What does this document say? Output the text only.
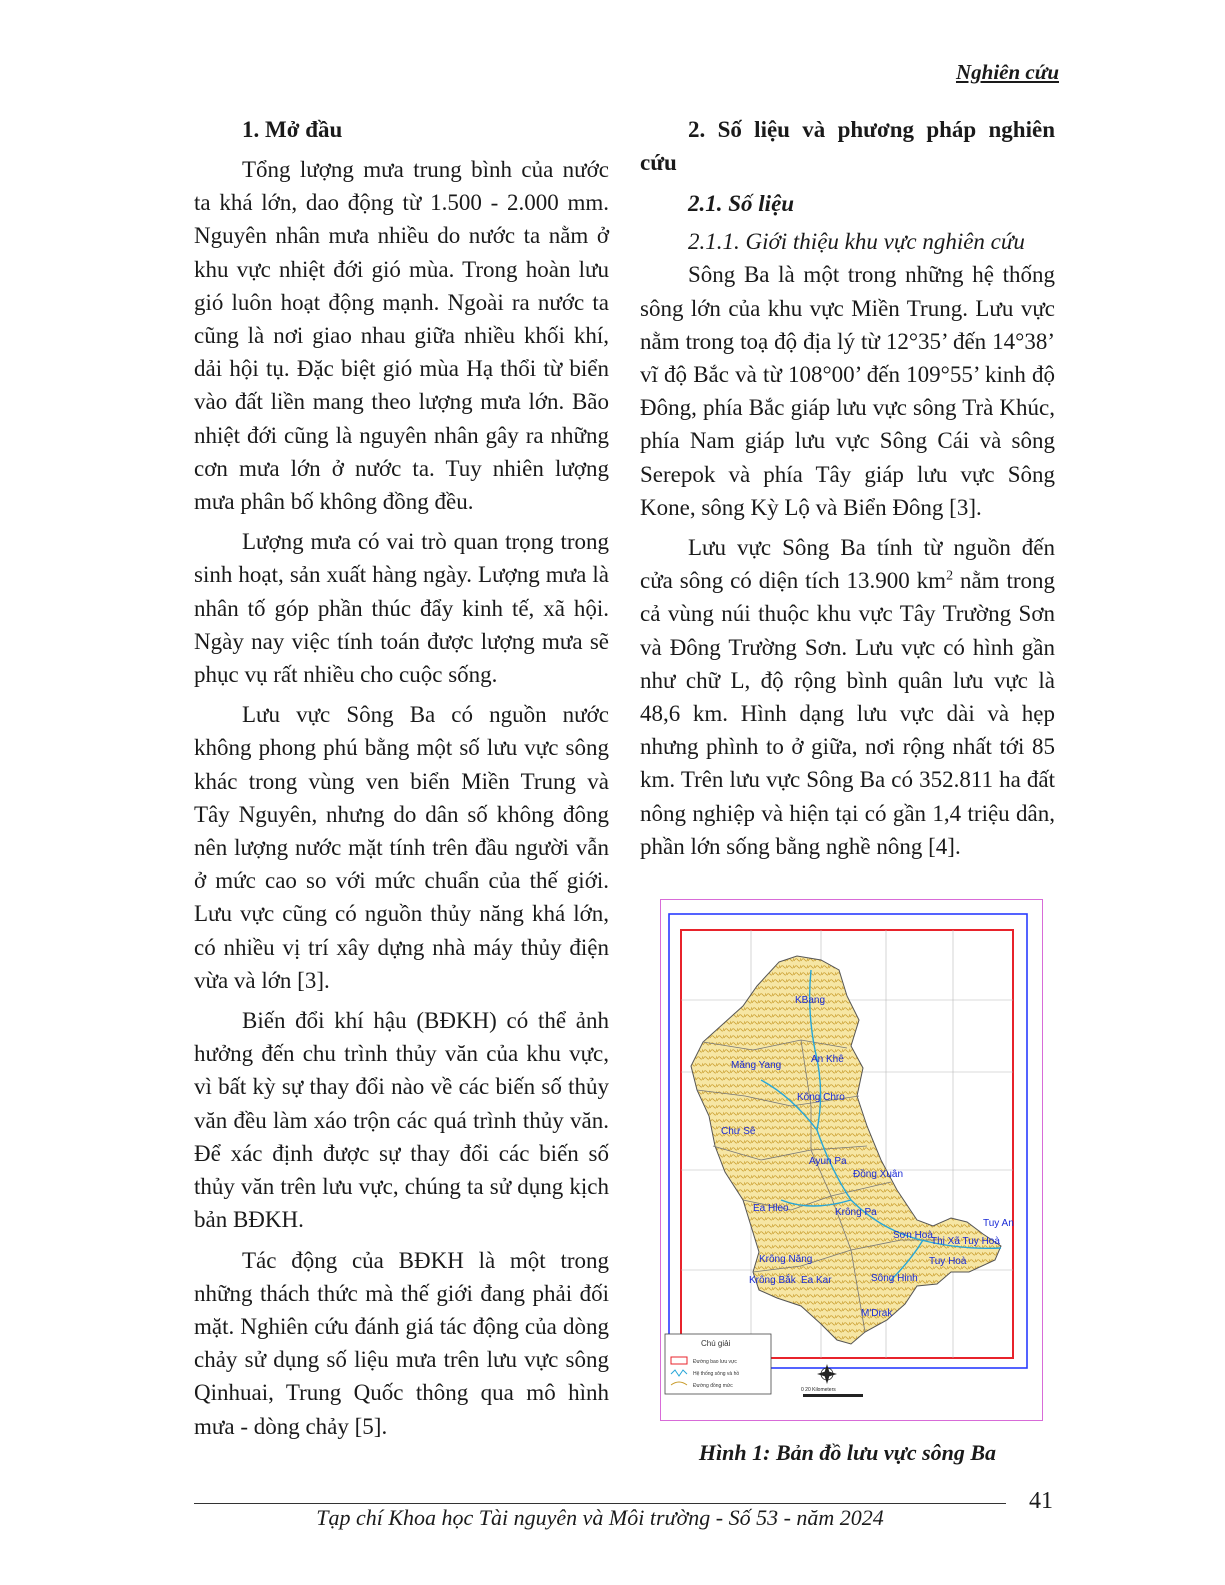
Nghiên cứu
1. Mở đầu

Tổng lượng mưa trung bình của nước ta khá lớn, dao động từ 1.500 - 2.000 mm. Nguyên nhân mưa nhiều do nước ta nằm ở khu vực nhiệt đới gió mùa. Trong hoàn lưu gió luôn hoạt động mạnh. Ngoài ra nước ta cũng là nơi giao nhau giữa nhiều khối khí, dải hội tụ. Đặc biệt gió mùa Hạ thổi từ biển vào đất liền mang theo lượng mưa lớn. Bão nhiệt đới cũng là nguyên nhân gây ra những cơn mưa lớn ở nước ta. Tuy nhiên lượng mưa phân bố không đồng đều.

Lượng mưa có vai trò quan trọng trong sinh hoạt, sản xuất hàng ngày. Lượng mưa là nhân tố góp phần thúc đẩy kinh tế, xã hội. Ngày nay việc tính toán được lượng mưa sẽ phục vụ rất nhiều cho cuộc sống.

Lưu vực Sông Ba có nguồn nước không phong phú bằng một số lưu vực sông khác trong vùng ven biển Miền Trung và Tây Nguyên, nhưng do dân số không đông nên lượng nước mặt tính trên đầu người vẫn ở mức cao so với mức chuẩn của thế giới. Lưu vực cũng có nguồn thủy năng khá lớn, có nhiều vị trí xây dựng nhà máy thủy điện vừa và lớn [3].

Biến đổi khí hậu (BĐKH) có thể ảnh hưởng đến chu trình thủy văn của khu vực, vì bất kỳ sự thay đổi nào về các biến số thủy văn đều làm xáo trộn các quá trình thủy văn. Để xác định được sự thay đổi các biến số thủy văn trên lưu vực, chúng ta sử dụng kịch bản BĐKH.

Tác động của BĐKH là một trong những thách thức mà thế giới đang phải đối mặt. Nghiên cứu đánh giá tác động của dòng chảy sử dụng số liệu mưa trên lưu vực sông Qinhuai, Trung Quốc thông qua mô hình mưa - dòng chảy [5].

2. Số liệu và phương pháp nghiên cứu
2.1. Số liệu
2.1.1. Giới thiệu khu vực nghiên cứu

Sông Ba là một trong những hệ thống sông lớn của khu vực Miền Trung. Lưu vực nằm trong toạ độ địa lý từ 12°35’ đến 14°38’ vĩ độ Bắc và từ 108°00’ đến 109°55’ kinh độ Đông, phía Bắc giáp lưu vực sông Trà Khúc, phía Nam giáp lưu vực Sông Cái và sông Serepok và phía Tây giáp lưu vực Sông Kone, sông Kỳ Lộ và Biển Đông [3].

Lưu vực Sông Ba tính từ nguồn đến cửa sông có diện tích 13.900 $km^2$ nằm trong cả vùng núi thuộc khu vực Tây Trường Sơn và Đông Trường Sơn. Lưu vực có hình gần như chữ L, độ rộng bình quân lưu vực là 48,6 km. Hình dạng lưu vực dài và hẹp nhưng phình to ở giữa, nơi rộng nhất tới 85 km. Trên lưu vực Sông Ba có 352.811 ha đất nông nghiệp và hiện tại có gần 1,4 triệu dân, phần lớn sống bằng nghề nông [4].

KBang
Măng Yang
An Khê
Kông Chro
Chư Sê
Ayun Pa
Đồng Xuân
Ea Hleo	Krông Pa
Sơn Hoà
Tuy An
Thị Xã Tuy Hoà
Tuy Hoà
Krông Năng
Krông Bắk Ea Kar	Sông Hinh
M'Drak
Chú giải
Đường bao lưu vực
Hệ thống sông và hồ
Đường đồng mức
0 20 Kilometers
Hình 1: Bản đồ lưu vực sông Ba
41
Tạp chí Khoa học Tài nguyên và Môi trường - Số 53 - năm 2024
